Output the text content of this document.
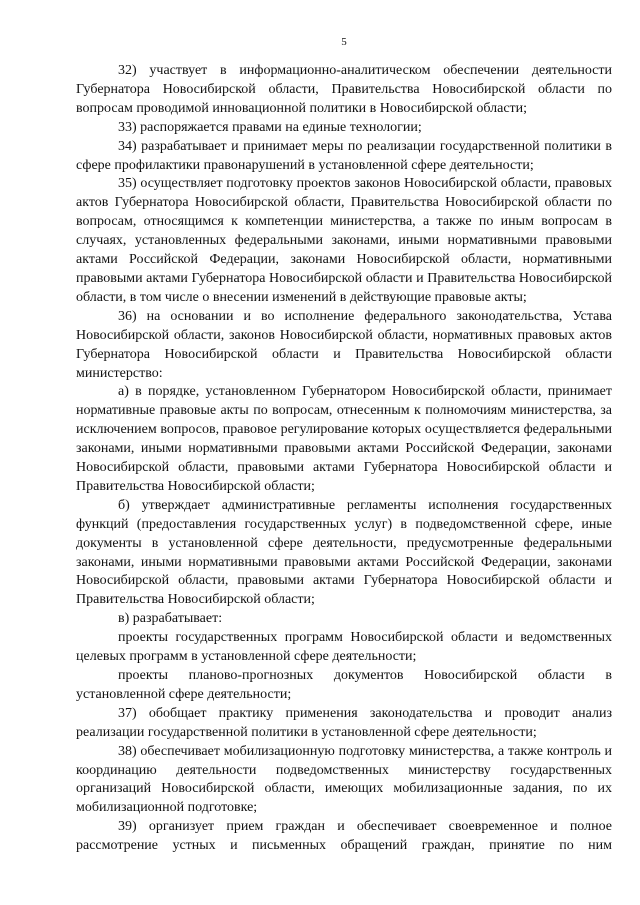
5

32) участвует в информационно-аналитическом обеспечении деятельности Губернатора Новосибирской области, Правительства Новосибирской области по вопросам проводимой инновационной политики в Новосибирской области;

33) распоряжается правами на единые технологии;

34) разрабатывает и принимает меры по реализации государственной политики в сфере профилактики правонарушений в установленной сфере деятельности;

35) осуществляет подготовку проектов законов Новосибирской области, правовых актов Губернатора Новосибирской области, Правительства Новосибирской области по вопросам, относящимся к компетенции министерства, а также по иным вопросам в случаях, установленных федеральными законами, иными нормативными правовыми актами Российской Федерации, законами Новосибирской области, нормативными правовыми актами Губернатора Новосибирской области и Правительства Новосибирской области, в том числе о внесении изменений в действующие правовые акты;

36) на основании и во исполнение федерального законодательства, Устава Новосибирской области, законов Новосибирской области, нормативных правовых актов Губернатора Новосибирской области и Правительства Новосибирской области министерство:

а) в порядке, установленном Губернатором Новосибирской области, принимает нормативные правовые акты по вопросам, отнесенным к полномочиям министерства, за исключением вопросов, правовое регулирование которых осуществляется федеральными законами, иными нормативными правовыми актами Российской Федерации, законами Новосибирской области, правовыми актами Губернатора Новосибирской области и Правительства Новосибирской области;

б) утверждает административные регламенты исполнения государственных функций (предоставления государственных услуг) в подведомственной сфере, иные документы в установленной сфере деятельности, предусмотренные федеральными законами, иными нормативными правовыми актами Российской Федерации, законами Новосибирской области, правовыми актами Губернатора Новосибирской области и Правительства Новосибирской области;

в) разрабатывает:

проекты государственных программ Новосибирской области и ведомственных целевых программ в установленной сфере деятельности;

проекты планово-прогнозных документов Новосибирской области в установленной сфере деятельности;

37) обобщает практику применения законодательства и проводит анализ реализации государственной политики в установленной сфере деятельности;

38) обеспечивает мобилизационную подготовку министерства, а также контроль и координацию деятельности подведомственных министерству государственных организаций Новосибирской области, имеющих мобилизационные задания, по их мобилизационной подготовке;

39) организует прием граждан и обеспечивает своевременное и полное рассмотрение устных и письменных обращений граждан, принятие по ним
